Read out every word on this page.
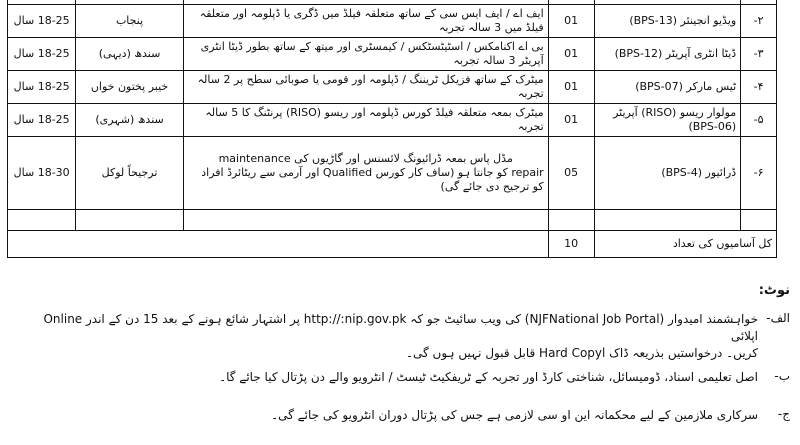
۲-	ویڈیو انجینئر (BPS-13)	01	ایف اے / ایف ایس سی کے ساتھ متعلقہ فیلڈ میں ڈگری یا ڈپلومہ اور متعلقہ فیلڈ میں 3 سالہ تجربہ	پنجاب	18-25 سال
۳-	ڈیٹا انٹری آپریٹر (BPS-12)	01	بی اے اکنامکس / اسٹیٹسٹکس / کیمسٹری اور میتھ کے ساتھ بطور ڈیٹا انٹری آپریٹر 3 سالہ تجربہ	سندھ (دیہی)	18-25 سال
۴-	ٹیس مارکر (BPS-07)	01	میٹرک کے ساتھ فزیکل ٹریننگ / ڈپلومہ اور قومی یا صوبائی سطح پر 2 سالہ تجربہ	خیبر پختون خواں	18-25 سال
۵-	مولوار ریسو (RISO) آپریٹر (BPS-06)	01	میٹرک بمعہ متعلقہ فیلڈ کورس ڈپلومہ اور ریسو (RISO) پرنٹنگ کا 5 سالہ تجربہ	سندھ (شہری)	18-25 سال
۶-	ڈرائیور (BPS-4)	05	مڈل پاس بمعہ ڈرائیونگ لائسنس اور گاڑیوں کی maintenance
repair کو جانتا ہو (ساف کار کورس Qualified اور آرمی سے ریٹائرڈ افراد کو ترجیح دی جائے گی)	ترجیحاً لوکل	18-30 سال

کل آسامیوں کی تعداد		10			
نوٹ:
الف-
خواہشمند امیدوار (NJFNational Job Portal) کی ویب سائیٹ جو کہ http://:nip.gov.pk پر اشتہار شائع ہونے کے بعد 15 دن کے اندر Online اپلائی
کریں۔ درخواستیں بذریعہ ڈاک Hard Copyl قابل قبول نہیں ہوں گی۔
ب-
اصل تعلیمی اسناد، ڈومیسائل، شناختی کارڈ اور تجربہ کے ٹریفکیٹ ٹیسٹ / انٹرویو والے دن پڑتال کیا جائے گا۔
ج-
سرکاری ملازمین کے لیے محکمانہ این او سی لازمی ہے جس کی پڑتال دوران انٹرویو کی جائے گی۔
